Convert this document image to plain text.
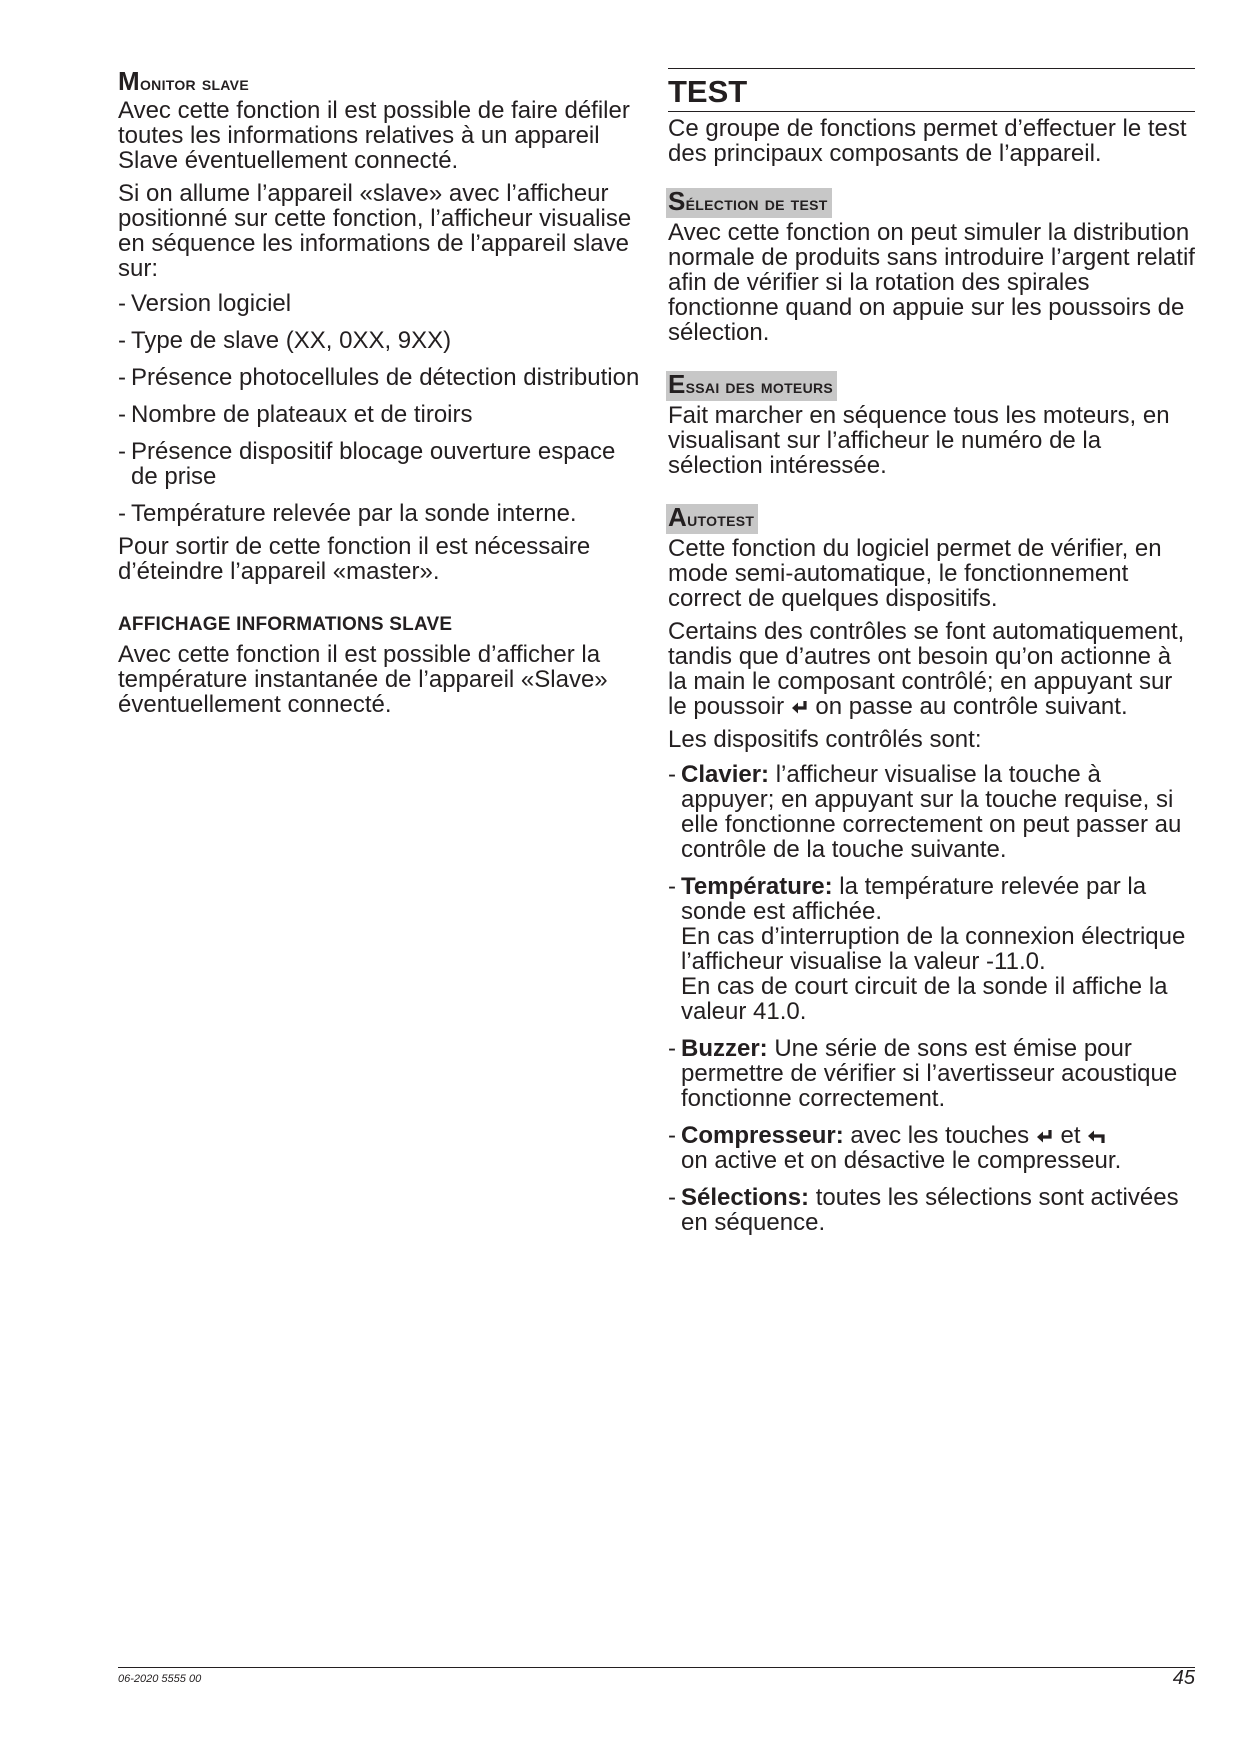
Monitor slave

Avec cette fonction il est possible de faire défiler toutes les informations relatives à un appareil Slave éventuellement connecté.

Si on allume l’appareil «slave» avec l’afficheur positionné sur cette fonction, l’afficheur visualise en séquence les informations de l’appareil slave sur:

- Version logiciel
- Type de slave (XX, 0XX, 9XX)
- Présence photocellules de détection distribution
- Nombre de plateaux et de tiroirs
- Présence dispositif blocage ouverture espace de prise
- Température relevée par la sonde interne.

Pour sortir de cette fonction il est nécessaire d’éteindre l’appareil «master».

AFFICHAGE INFORMATIONS SLAVE

Avec cette fonction il est possible d’afficher la température instantanée de l’appareil «Slave» éventuellement connecté.

TEST

Ce groupe de fonctions permet d’effectuer le test des principaux composants de l’appareil.

Sélection de test

Avec cette fonction on peut simuler la distribution normale de produits sans introduire l’argent relatif afin de vérifier si la rotation des spirales fonctionne quand on appuie sur les poussoirs de sélection.

Essai des moteurs

Fait marcher en séquence tous les moteurs, en visualisant sur l’afficheur le numéro de la sélection intéressée.

Autotest

Cette fonction du logiciel permet de vérifier, en mode semi-automatique, le fonctionnement correct de quelques dispositifs.

Certains des contrôles se font automatiquement, tandis que d’autres ont besoin qu’on actionne à la main le composant contrôlé; en appuyant sur le poussoir on passe au contrôle suivant.

Les dispositifs contrôlés sont:

- Clavier: l’afficheur visualise la touche à appuyer; en appuyant sur la touche requise, si elle fonctionne correctement on peut passer au contrôle de la touche suivante.
- Température: la température relevée par la sonde est affichée.
En cas d’interruption de la connexion électrique l’afficheur visualise la valeur -11.0.
En cas de court circuit de la sonde il affiche la valeur 41.0.
- Buzzer: Une série de sons est émise pour permettre de vérifier si l’avertisseur acoustique fonctionne correctement.
- Compresseur: avec les touches et
on active et on désactive le compresseur.
- Sélections: toutes les sélections sont activées en séquence.
06-2020 5555 00	45
